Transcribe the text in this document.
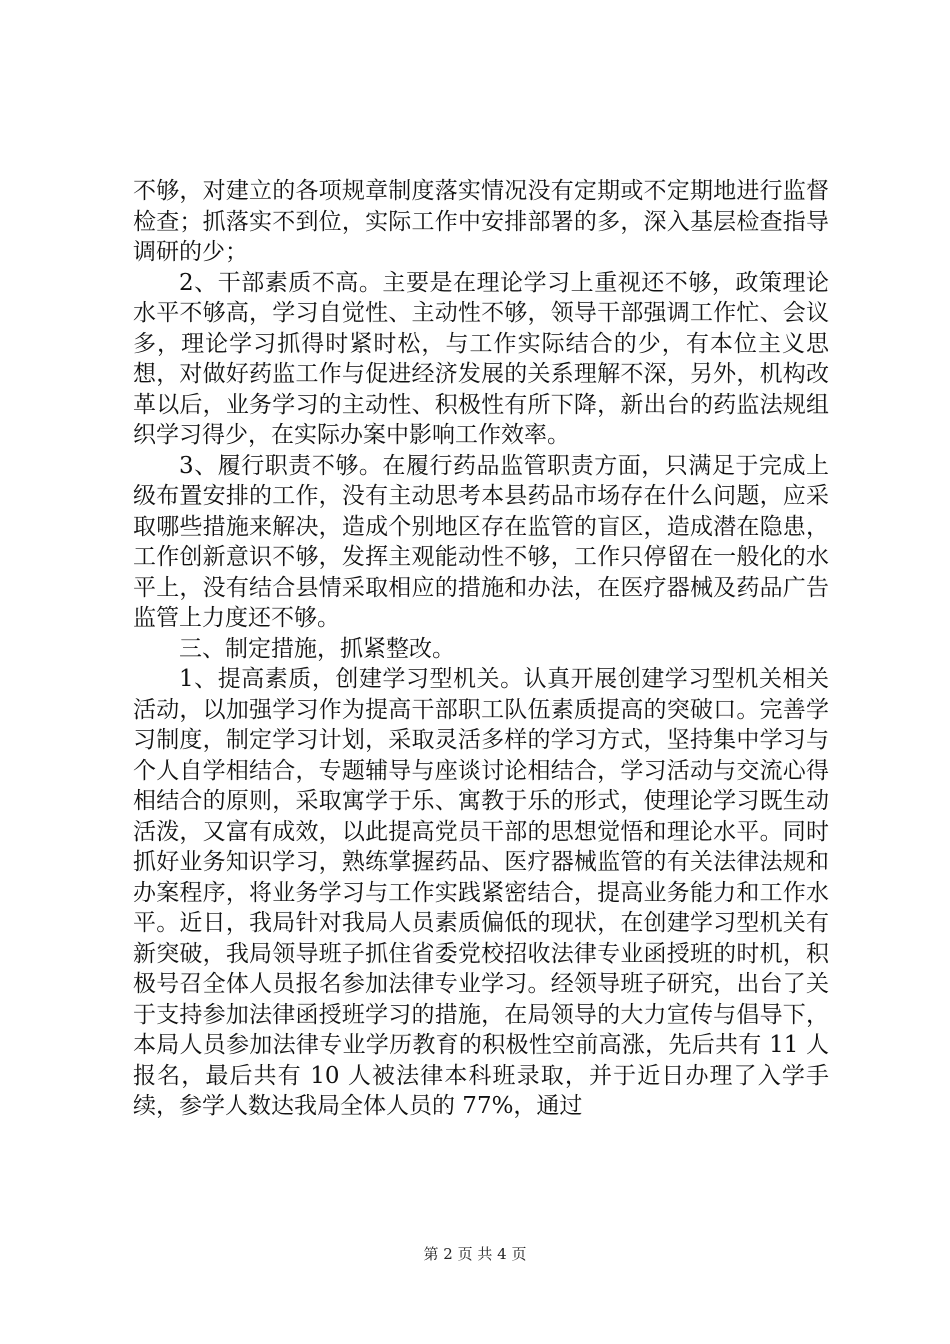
不够，对建立的各项规章制度落实情况没有定期或不定期地进行监督检查；抓落实不到位，实际工作中安排部署的多，深入基层检查指导调研的少；

2、干部素质不高。主要是在理论学习上重视还不够，政策理论水平不够高，学习自觉性、主动性不够，领导干部强调工作忙、会议多，理论学习抓得时紧时松，与工作实际结合的少，有本位主义思想，对做好药监工作与促进经济发展的关系理解不深，另外，机构改革以后，业务学习的主动性、积极性有所下降，新出台的药监法规组织学习得少，在实际办案中影响工作效率。

3、履行职责不够。在履行药品监管职责方面，只满足于完成上级布置安排的工作，没有主动思考本县药品市场存在什么问题，应采取哪些措施来解决，造成个别地区存在监管的盲区，造成潜在隐患，工作创新意识不够，发挥主观能动性不够，工作只停留在一般化的水平上，没有结合县情采取相应的措施和办法，在医疗器械及药品广告监管上力度还不够。

三、制定措施，抓紧整改。

1、提高素质，创建学习型机关。认真开展创建学习型机关相关活动，以加强学习作为提高干部职工队伍素质提高的突破口。完善学习制度，制定学习计划，采取灵活多样的学习方式，坚持集中学习与个人自学相结合，专题辅导与座谈讨论相结合，学习活动与交流心得相结合的原则，采取寓学于乐、寓教于乐的形式，使理论学习既生动活泼，又富有成效，以此提高党员干部的思想觉悟和理论水平。同时抓好业务知识学习，熟练掌握药品、医疗器械监管的有关法律法规和办案程序，将业务学习与工作实践紧密结合，提高业务能力和工作水平。近日，我局针对我局人员素质偏低的现状，在创建学习型机关有新突破，我局领导班子抓住省委党校招收法律专业函授班的时机，积极号召全体人员报名参加法律专业学习。经领导班子研究，出台了关于支持参加法律函授班学习的措施，在局领导的大力宣传与倡导下，本局人员参加法律专业学历教育的积极性空前高涨，先后共有 11 人报名，最后共有 10 人被法律本科班录取，并于近日办理了入学手续，参学人数达我局全体人员的 77%，通过

第 2 页 共 4 页
